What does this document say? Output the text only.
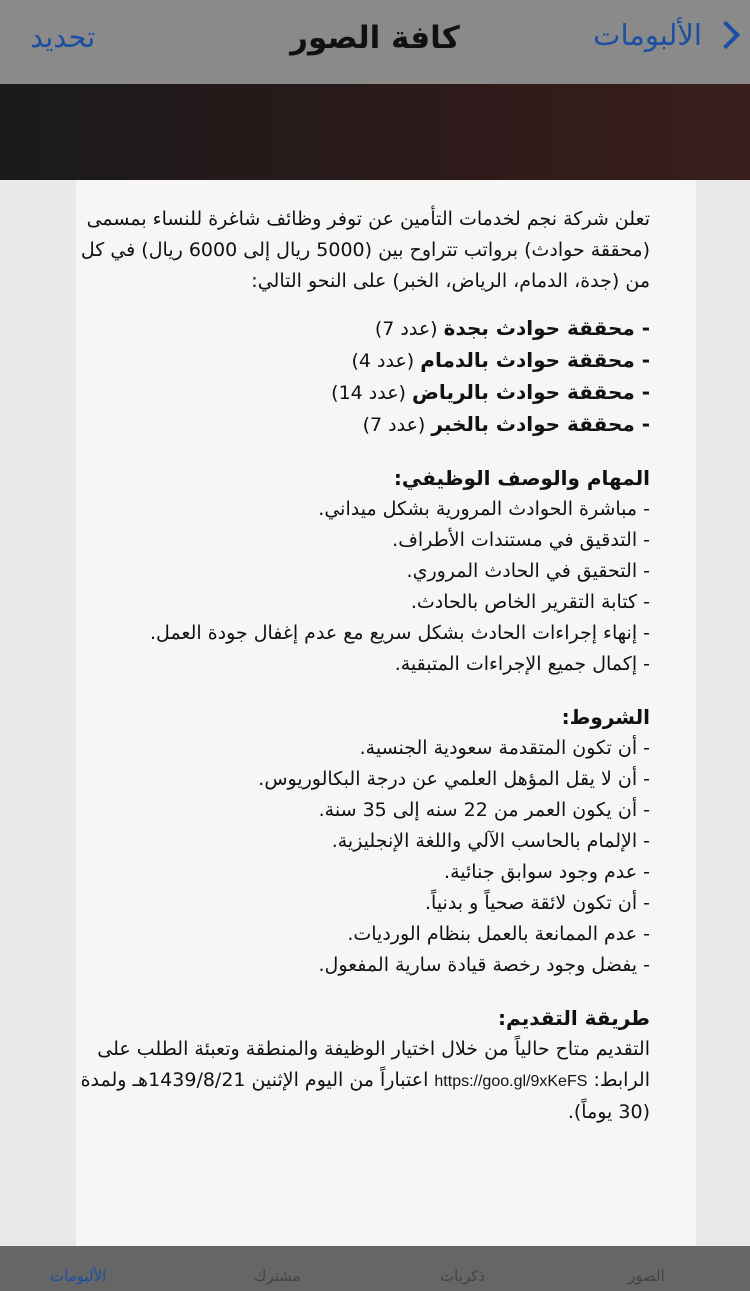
تحديد	كافة الصور	الألبومات

تعلن شركة نجم لخدمات التأمين عن توفر وظائف شاغرة للنساء بمسمى (محققة حوادث) برواتب تتراوح بين (5000 ريال إلى 6000 ريال) في كل من (جدة، الدمام، الرياض، الخبر) على النحو التالي:

- محققة حوادث بجدة (عدد 7)

- محققة حوادث بالدمام (عدد 4)

- محققة حوادث بالرياض (عدد 14)

- محققة حوادث بالخبر (عدد 7)

المهام والوصف الوظيفي:

- مباشرة الحوادث المرورية بشكل ميداني.

- التدقيق في مستندات الأطراف.

- التحقيق في الحادث المروري.

- كتابة التقرير الخاص بالحادث.

- إنهاء إجراءات الحادث بشكل سريع مع عدم إغفال جودة العمل.

- إكمال جميع الإجراءات المتبقية.

الشروط:

- أن تكون المتقدمة سعودية الجنسية.

- أن لا يقل المؤهل العلمي عن درجة البكالوريوس.

- أن يكون العمر من 22 سنه إلى 35 سنة.

- الإلمام بالحاسب الآلي واللغة الإنجليزية.

- عدم وجود سوابق جنائية.

- أن تكون لائقة صحياً و بدنياً.

- عدم الممانعة بالعمل بنظام الورديات.

- يفضل وجود رخصة قيادة سارية المفعول.

طريقة التقديم:

التقديم متاح حالياً من خلال اختيار الوظيفة والمنطقة وتعبئة الطلب على الرابط: https://goo.gl/9xKeFS اعتباراً من اليوم الإثنين 1439/8/21هـ ولمدة (30 يوماً).

الألبومات	مشترك	ذكريات	الصور
